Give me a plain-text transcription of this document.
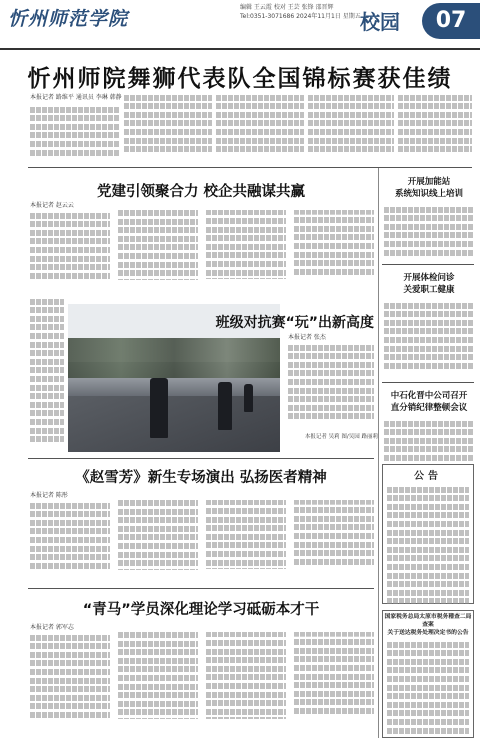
忻州师范学院
编辑 王云霞 校对 王芸 张锋 邵晋辉
Tel:0351-3071686 2024年11月1日 星期五 校园	07
忻州师院舞狮代表队全国锦标赛获佳绩
本报记者 路维平 通讯员 李琳 韩静
党建引领聚合力 校企共融谋共赢
本报记者 赵云云
班级对抗赛“玩”出新高度
本报记者 张杰
本报记者 吴莉 图/吴园 路丽莉
《赵雪芳》新生专场演出 弘扬医者精神
本报记者 陈彤
“青马”学员深化理论学习砥砺本才干
本报记者 郭军志
开展加能站
系统知识线上培训
开展体检问诊
关爱职工健康
中石化晋中公司召开
直分销纪律整顿会议
公告
国家税务总局太原市税务稽查二局查案
关于送达税务处理决定书的公告
